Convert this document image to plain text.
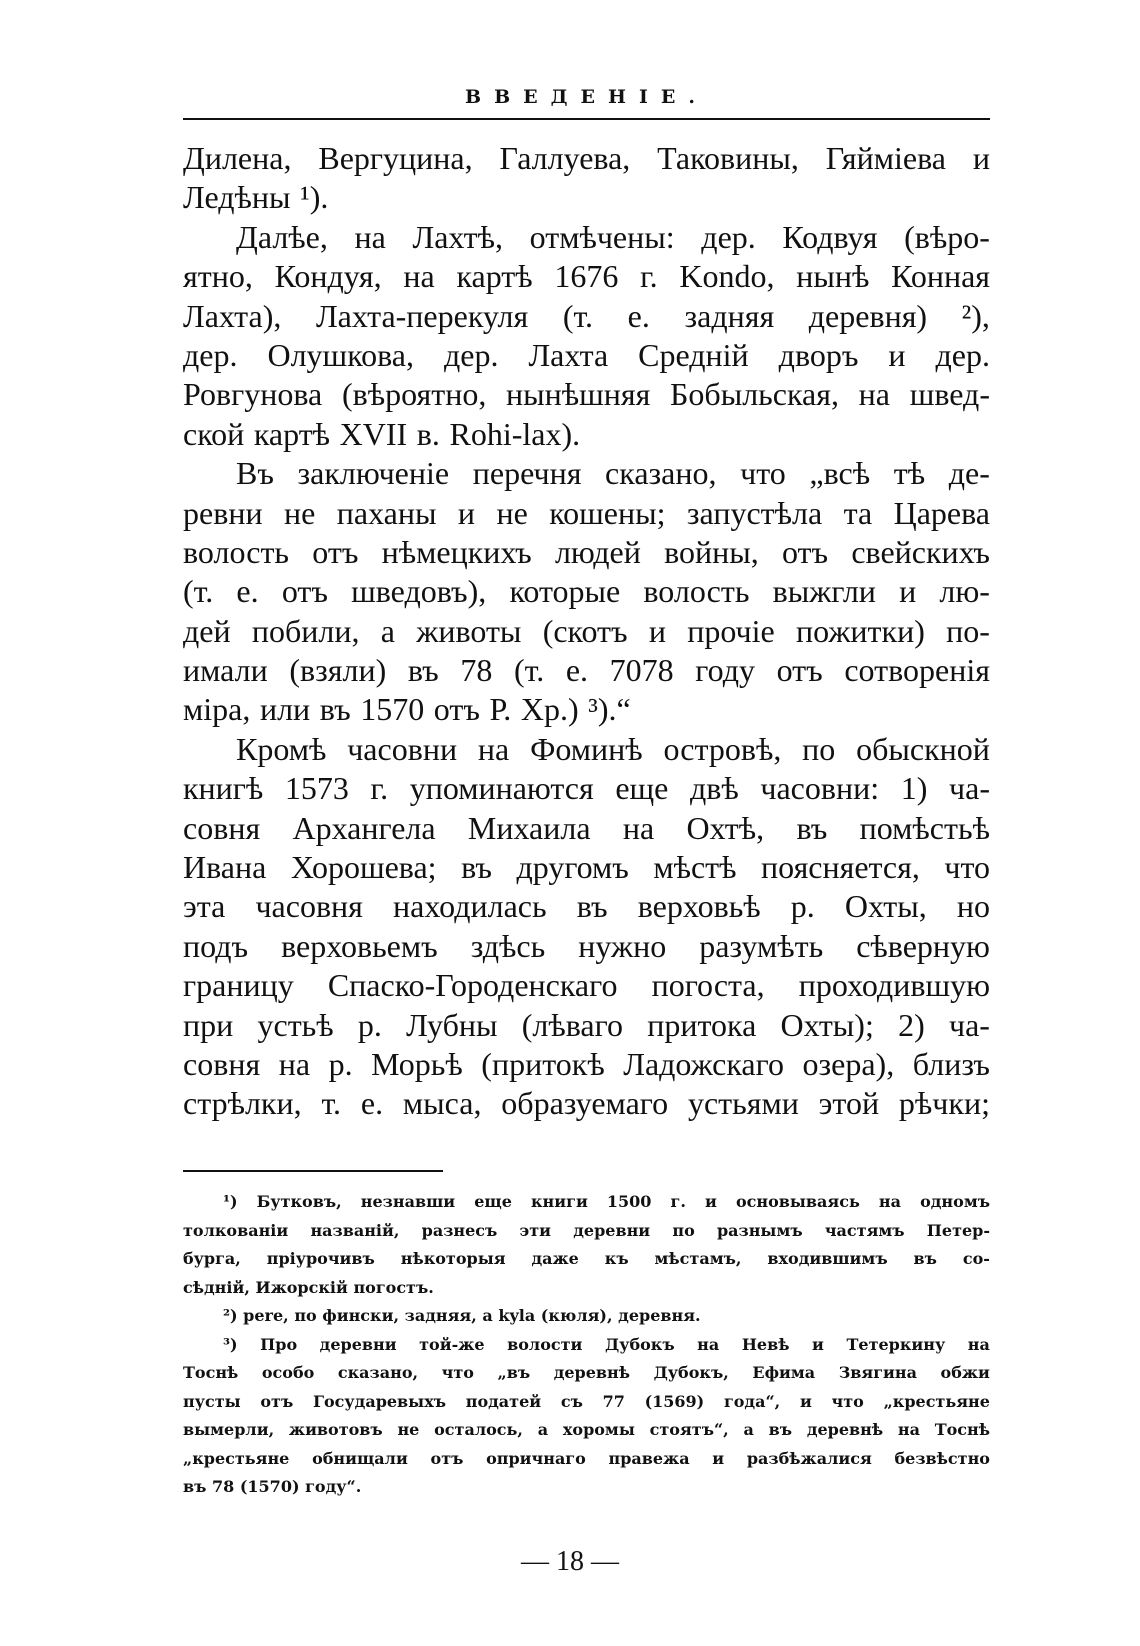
ВВЕДЕНІЕ.
Дилена, Вергуцина, Галлуева, Таковины, Гяйміева и
Ледѣны ¹).
Далѣе, на Лахтѣ, отмѣчены: дер. Кодвуя (вѣро-
ятно, Кондуя, на картѣ 1676 г. Kondo, нынѣ Конная
Лахта), Лахта-перекуля (т. е. задняя деревня) ²),
дер. Олушкова, дер. Лахта Среднiй дворъ и дер.
Ровгунова (вѣроятно, нынѣшняя Бобыльская, на швед-
ской картѣ XVII в. Rohi-lax).
Въ заключеніе перечня сказано, что „всѣ тѣ де-
ревни не паханы и не кошены; запустѣла та Царева
волость отъ нѣмецкихъ людей войны, отъ свейскихъ
(т. е. отъ шведовъ), которые волость выжгли и лю-
дей побили, а животы (скотъ и прочіе пожитки) по-
имали (взяли) въ 78 (т. е. 7078 году отъ сотворенія
міра, или въ 1570 отъ Р. Хр.) ³).“
Кромѣ часовни на Фоминѣ островѣ, по обыскной
книгѣ 1573 г. упоминаются еще двѣ часовни: 1) ча-
совня Архангела Михаила на Охтѣ, въ помѣстьѣ
Ивана Хорошева; въ другомъ мѣстѣ поясняется, что
эта часовня находилась въ верховьѣ р. Охты, но
подъ верховьемъ здѣсь нужно разумѣть сѣверную
границу Спаско-Городенскаго погоста, проходившую
при устьѣ р. Лубны (лѣваго притока Охты); 2) ча-
совня на р. Морьѣ (притокѣ Ладожскаго озера), близъ
стрѣлки, т. е. мыса, образуемаго устьями этой рѣчки;
¹) Бутковъ, незнавши еще книги 1500 г. и основываясь на одномъ
толкованіи названій, разнесъ эти деревни по разнымъ частямъ Петер-
бурга, пріурочивъ нѣкоторыя даже къ мѣстамъ, входившимъ въ со-
сѣдній, Ижорскій погостъ.
²) pere, по фински, задняя, а kyla (кюля), деревня.
³) Про деревни той-же волости Дубокъ на Невѣ и Тетеркину на
Тоснѣ особо сказано, что „въ деревнѣ Дубокъ, Ефима Звягина обжи
пусты отъ Государевыхъ податей съ 77 (1569) года“, и что „крестьяне
вымерли, животовъ не осталось, а хоромы стоятъ“, а въ деревнѣ на Тоснѣ
„крестьяне обнищали отъ опричнаго правежа и разбѣжалися безвѣстно
въ 78 (1570) году“.
— 18 —
